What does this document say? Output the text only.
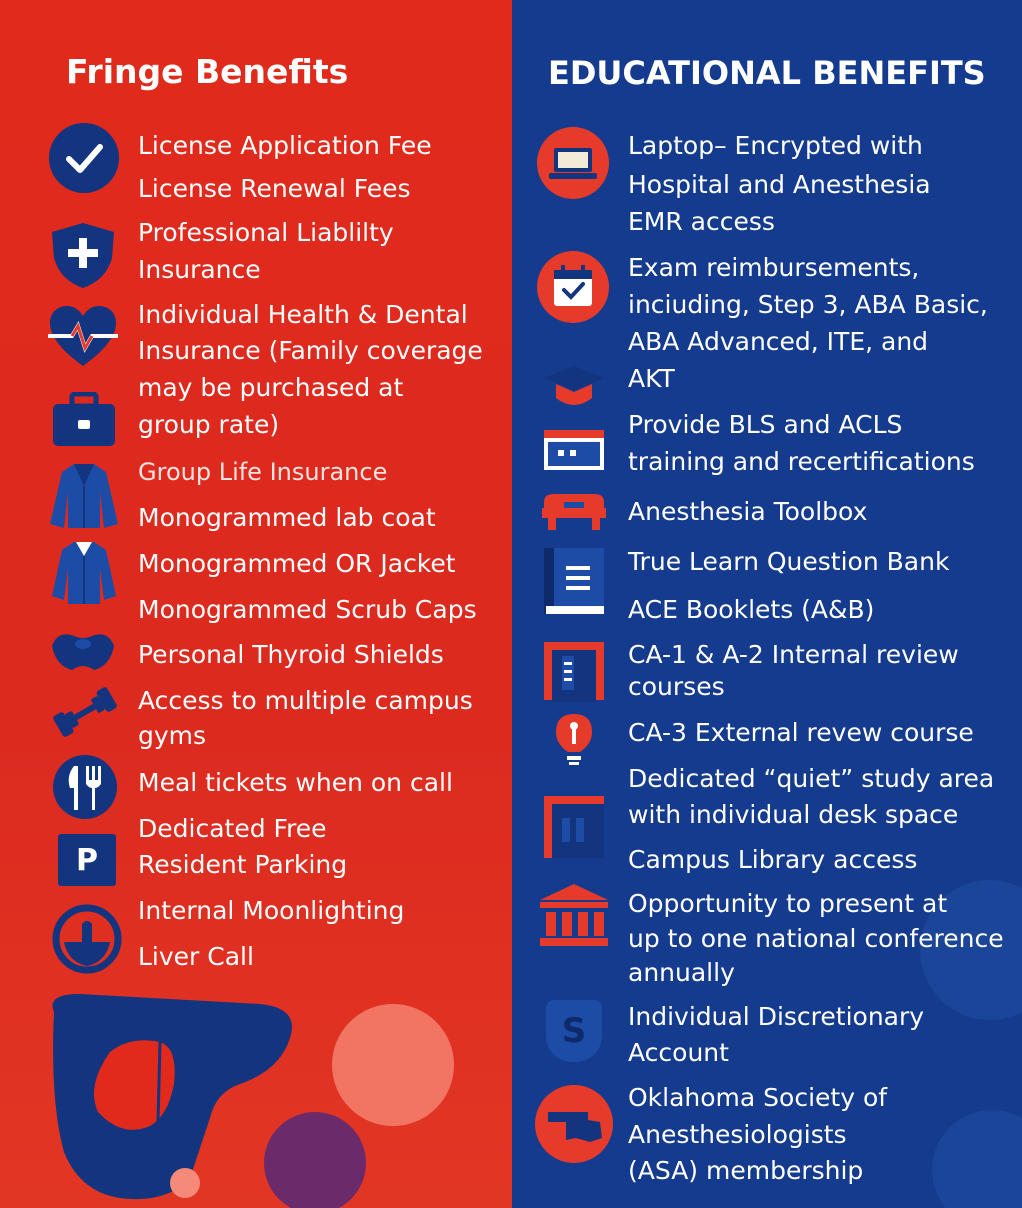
Fringe Benefits
P
License Application Fee
License Renewal Fees
Professional Liablilty
Insurance
Individual Health & Dental
Insurance (Family coverage
may be purchased at
group rate)
Group Life Insurance
Monogrammed lab coat
Monogrammed OR Jacket
Monogrammed Scrub Caps
Personal Thyroid Shields
Access to multiple campus
gyms
Meal tickets when on call
Dedicated Free
Resident Parking
Internal Moonlighting
Liver Call
EDUCATIONAL BENEFITS
S
Laptop– Encrypted with
Hospital and Anesthesia
EMR access
Exam reimbursements,
inciuding, Step 3, ABA Basic,
ABA Advanced, ITE, and
AKT
Provide BLS and ACLS
training and recertifications
Anesthesia Toolbox
True Learn Question Bank
ACE Booklets (A&B)
CA-1 & A-2 Internal review
courses
CA-3 External revew course
Dedicated “quiet” study area
with individual desk space
Campus Library access
Opportunity to present at
up to one national conference
annually
Individual Discretionary
Account
Oklahoma Society of
Anesthesiologists
(ASA) membership
